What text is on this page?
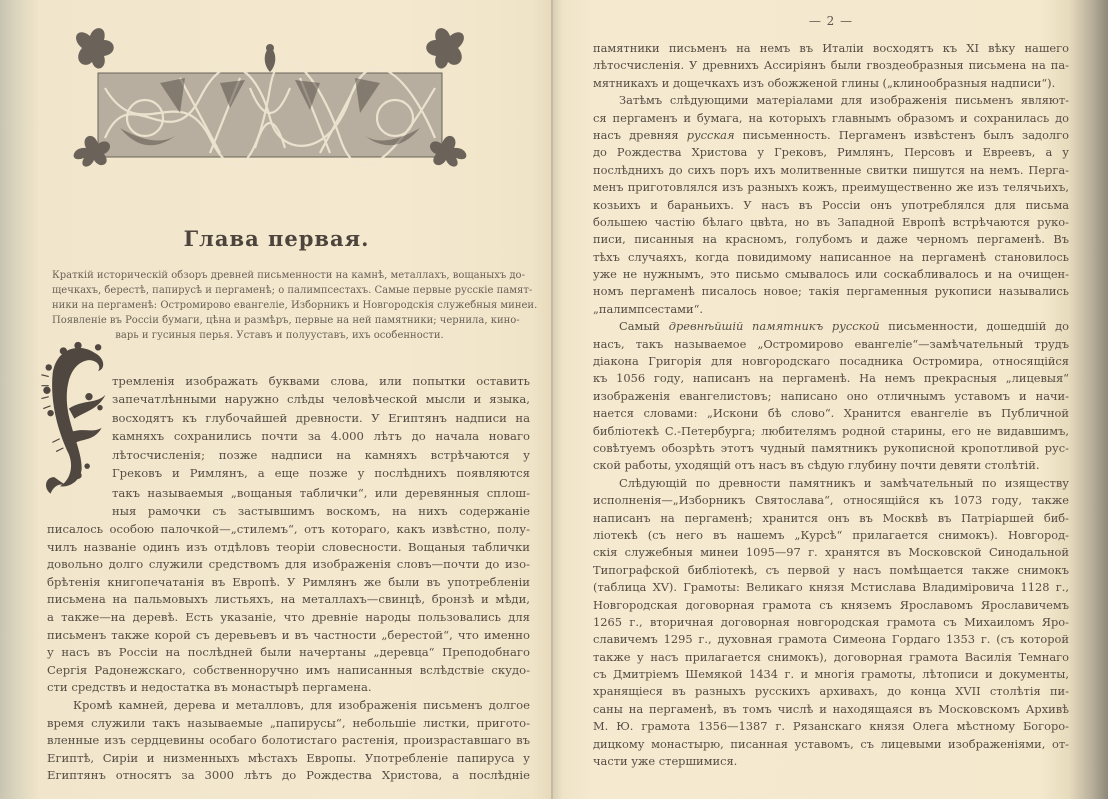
Глава первая.
Краткій историческій обзоръ древней письменности на камнѣ, металлахъ, вощаныхъ до-
щечкахъ, берестѣ, папирусѣ и пергаменѣ; о палимпсестахъ. Самые первые русскіе памят-
ники на пергаменѣ: Остромирово евангеліе, Изборникъ и Новгородскія служебныя минеи.
Появленіе въ Россіи бумаги, цѣна и размѣръ, первые на ней памятники; чернила, кино-
варь и гусиныя перья. Уставъ и полууставъ, ихъ особенности.
тремленія изображать буквами слова, или попытки оставить
запечатлѣнными наружно слѣды человѣческой мысли и языка,
восходятъ къ глубочайшей древности. У Египтянъ надписи на
камняхъ сохранились почти за 4.000 лѣтъ до начала новаго
лѣтосчисленія; позже надписи на камняхъ встрѣчаются у
Грековъ и Римлянъ, а еще позже у послѣднихъ появляются
такъ называемыя „вощаныя таблички“, или деревянныя сплош-
ныя рамочки съ застывшимъ воскомъ, на нихъ содержаніе
писалось особою палочкой—„стилемъ“, отъ котораго, какъ извѣстно, полу-
чилъ названіе одинъ изъ отдѣловъ теоріи словесности. Вощаныя таблички
довольно долго служили средствомъ для изображенія словъ—почти до изо-
брѣтенія книгопечатанія въ Европѣ. У Римлянъ же были въ употребленіи
письмена на пальмовыхъ листьяхъ, на металлахъ—свинцѣ, бронзѣ и мѣди,
а также—на деревѣ. Есть указаніе, что древніе народы пользовались для
письменъ также корой съ деревьевъ и въ частности „берестой“, что именно
у насъ въ Россіи на послѣдней были начертаны „деревца“ Преподобнаго
Сергія Радонежскаго, собственноручно имъ написанныя вслѣдствіе скудо-
сти средствъ и недостатка въ монастырѣ пергамена.
Кромѣ камней, дерева и металловъ, для изображенія письменъ долгое
время служили такъ называемые „папирусы“, небольшіе листки, пригото-
вленные изъ сердцевины особаго болотистаго растенія, произраставшаго въ
Египтѣ, Сиріи и низменныхъ мѣстахъ Европы. Употребленіе папируса у
Египтянъ относятъ за 3000 лѣтъ до Рождества Христова, а послѣдніе
— 2 —
памятники письменъ на немъ въ Италіи восходятъ къ XI вѣку нашего
лѣтосчисленія. У древнихъ Ассиріянъ были гвоздеобразныя письмена на па-
мятникахъ и дощечкахъ изъ обожженой глины („клинообразныя надписи“).
Затѣмъ слѣдующими матеріалами для изображенія письменъ являют-
ся пергаменъ и бумага, на которыхъ главнымъ образомъ и сохранилась до
насъ древняя русская письменность. Пергаменъ извѣстенъ былъ задолго
до Рождества Христова у Грековъ, Римлянъ, Персовъ и Евреевъ, а у
послѣднихъ до сихъ поръ ихъ молитвенные свитки пишутся на немъ. Перга-
менъ приготовлялся изъ разныхъ кожъ, преимущественно же изъ телячьихъ,
козьихъ и бараньихъ. У насъ въ Россіи онъ употреблялся для письма
большею частію бѣлаго цвѣта, но въ Западной Европѣ встрѣчаются руко-
писи, писанныя на красномъ, голубомъ и даже черномъ пергаменѣ. Въ
тѣхъ случаяхъ, когда повидимому написанное на пергаменѣ становилось
уже не нужнымъ, это письмо смывалось или соскабливалось и на очищен-
номъ пергаменѣ писалось новое; такія пергаменныя рукописи назывались
„палимпсестами“.
Самый древнѣйшій памятникъ русской письменности, дошедшій до
насъ, такъ называемое „Остромирово евангеліе“—замѣчательный трудъ
діакона Григорія для новгородскаго посадника Остромира, относящійся
къ 1056 году, написанъ на пергаменѣ. На немъ прекрасныя „лицевыя“
изображенія евангелистовъ; написано оно отличнымъ уставомъ и начи-
нается словами: „Искони бѣ слово“. Хранится евангеліе въ Публичной
библіотекѣ С.-Петербурга; любителямъ родной старины, его не видавшимъ,
совѣтуемъ обозрѣть этотъ чудный памятникъ рукописной кропотливой рус-
ской работы, уходящій отъ насъ въ сѣдую глубину почти девяти столѣтій.
Слѣдующій по древности памятникъ и замѣчательный по изяществу
исполненія—„Изборникъ Святослава“, относящійся къ 1073 году, также
написанъ на пергаменѣ; хранится онъ въ Москвѣ въ Патріаршей биб-
ліотекѣ (съ него въ нашемъ „Курсѣ“ прилагается снимокъ). Новгород-
скія служебныя минеи 1095—97 г. хранятся въ Московской Синодальной
Типографской библіотекѣ, съ первой у насъ помѣщается также снимокъ
(таблица XV). Грамоты: Великаго князя Мстислава Владиміровича 1128 г.,
Новгородская договорная грамота съ княземъ Ярославомъ Ярославичемъ
1265 г., вторичная договорная новгородская грамота съ Михаиломъ Яро-
славичемъ 1295 г., духовная грамота Симеона Гордаго 1353 г. (съ которой
также у насъ прилагается снимокъ), договорная грамота Василія Темнаго
съ Дмитріемъ Шемякой 1434 г. и многія грамоты, лѣтописи и документы,
хранящіеся въ разныхъ русскихъ архивахъ, до конца XVII столѣтія пи-
саны на пергаменѣ, въ томъ числѣ и находящаяся въ Московскомъ Архивѣ
М. Ю. грамота 1356—1387 г. Рязанскаго князя Олега мѣстному Богоро-
дицкому монастырю, писанная уставомъ, съ лицевыми изображеніями, от-
части уже стершимися.
